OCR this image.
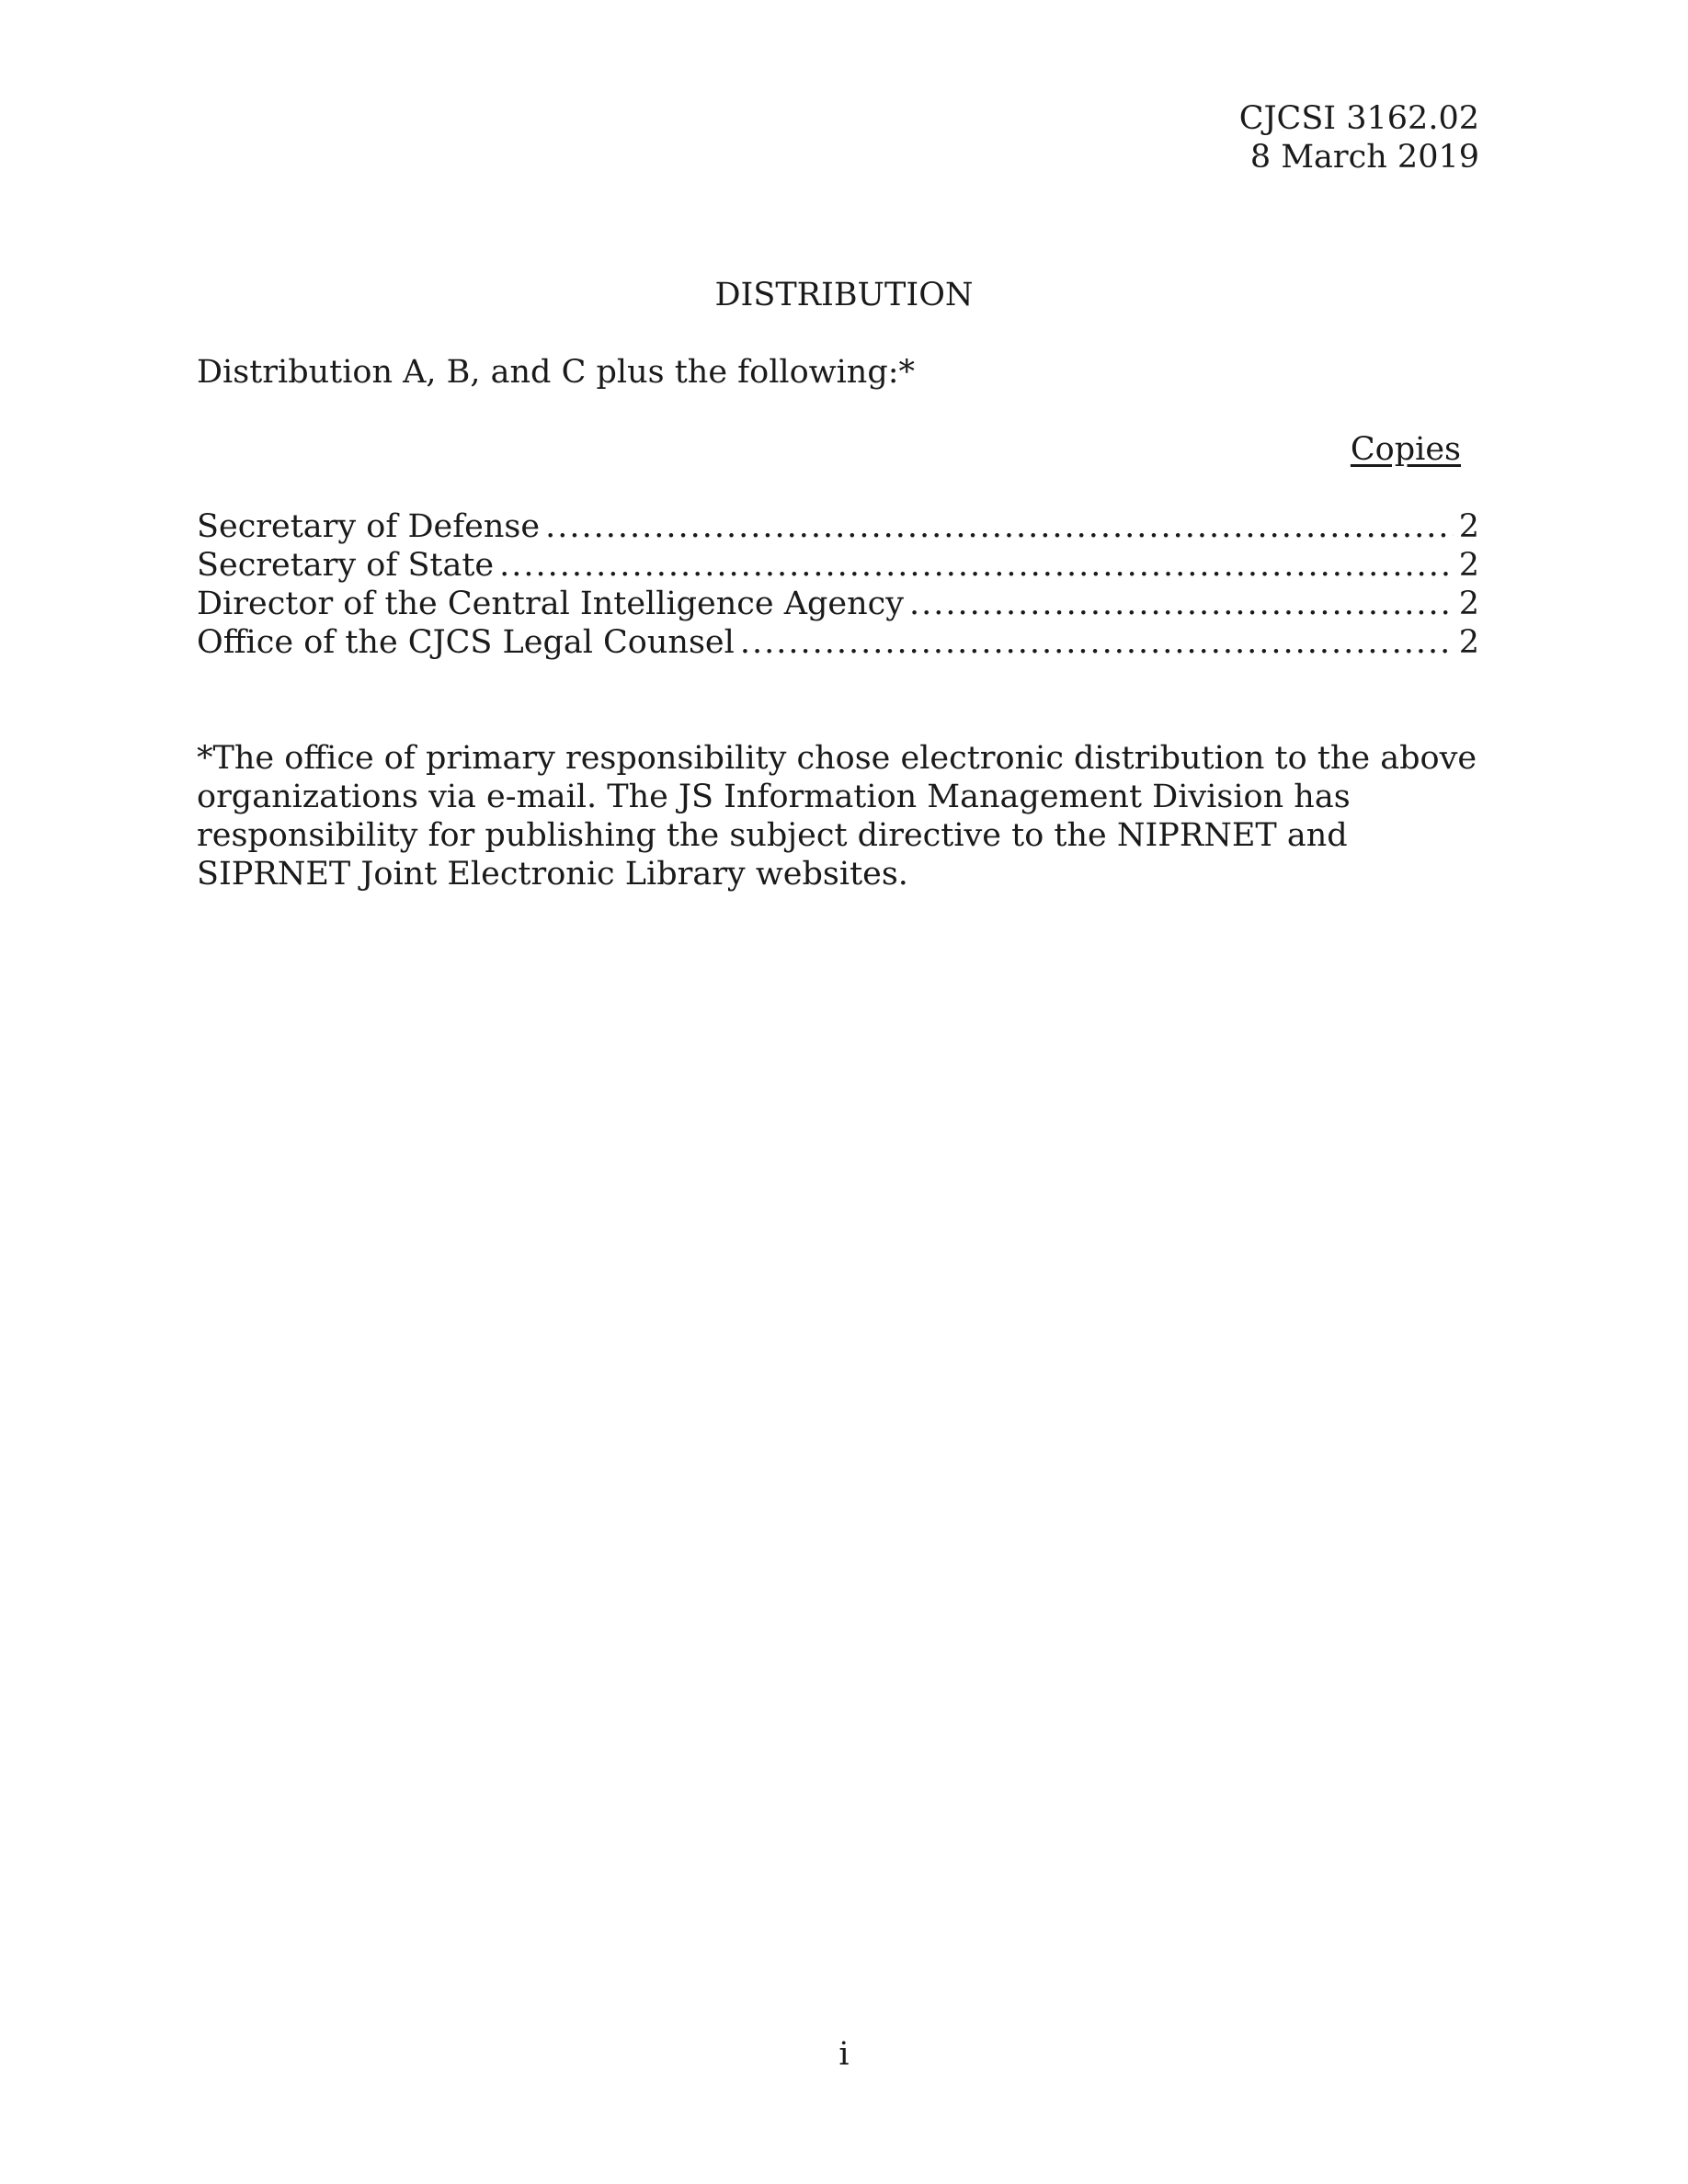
CJCSI 3162.02
8 March 2019
DISTRIBUTION
Distribution A, B, and C plus the following:*
Copies
Secretary of Defense .....	2
Secretary of State .....	2
Director of the Central Intelligence Agency .....	2
Office of the CJCS Legal Counsel .....	2

*The office of primary responsibility chose electronic distribution to the above
organizations via e-mail. The JS Information Management Division has
responsibility for publishing the subject directive to the NIPRNET and
SIPRNET Joint Electronic Library websites.

i
